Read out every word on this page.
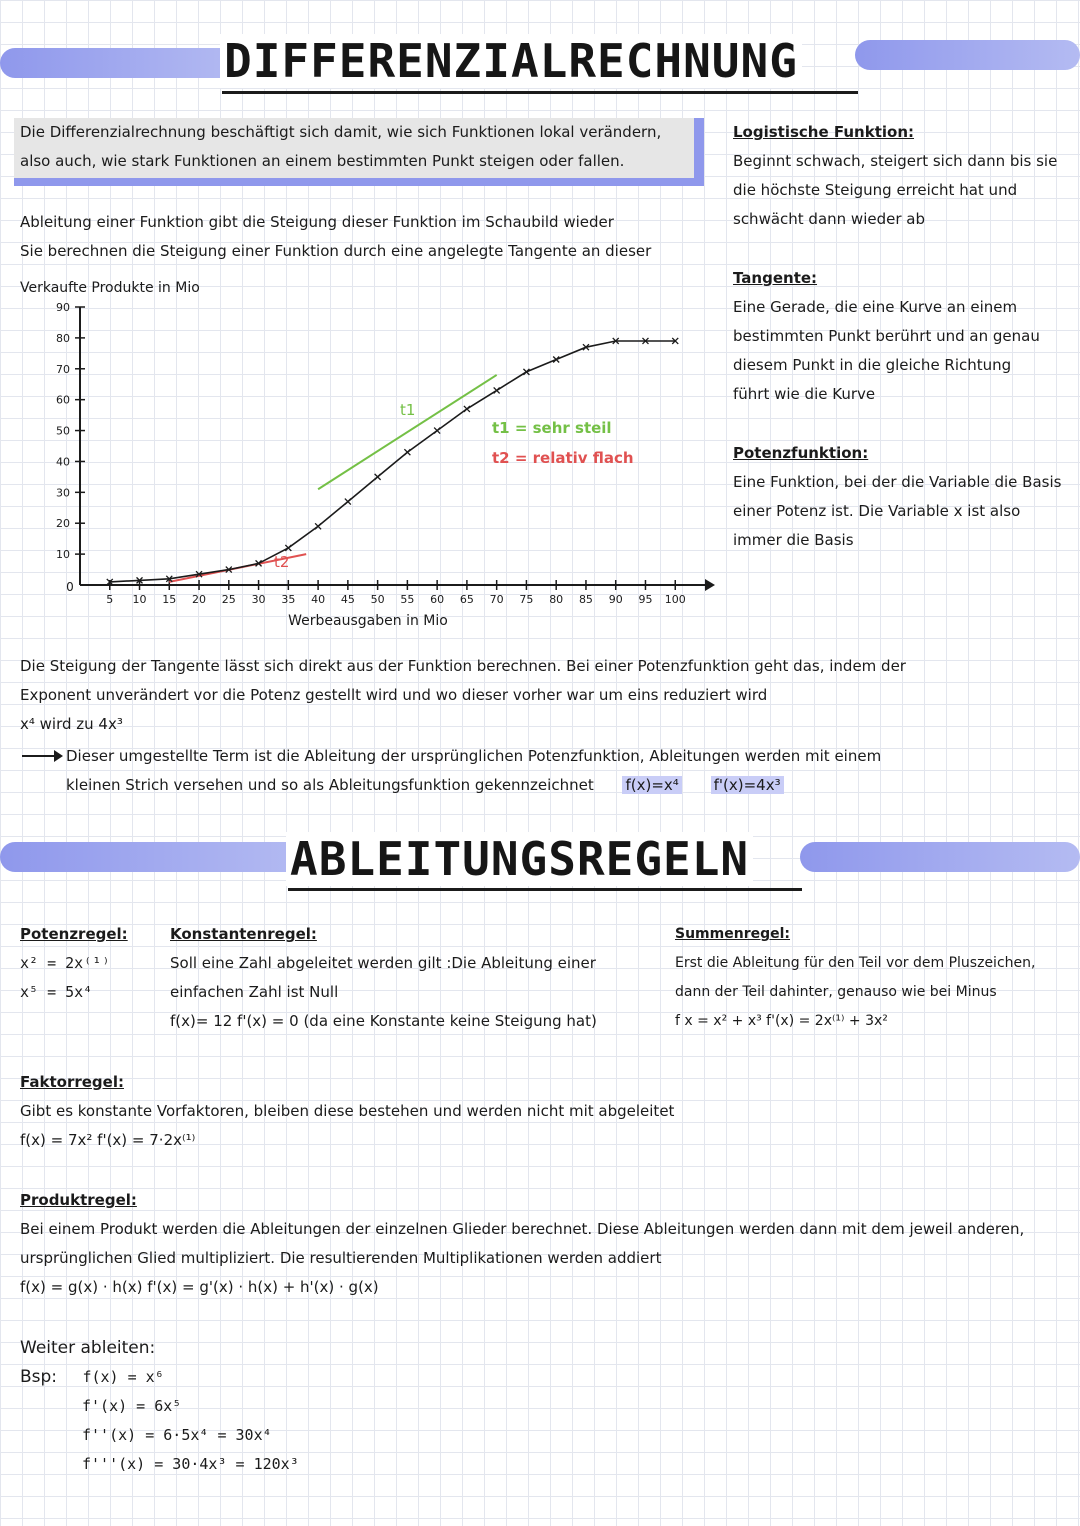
DIFFERENZIALRECHNUNG
Die Differenzialrechnung beschäftigt sich damit, wie sich Funktionen lokal verändern,
also auch, wie stark Funktionen an einem bestimmten Punkt steigen oder fallen.
Logistische Funktion:
Beginnt schwach, steigert sich dann bis sie
die höchste Steigung erreicht hat und
schwächt dann wieder ab
Tangente:
Eine Gerade, die eine Kurve an einem
bestimmten Punkt berührt und an genau
diesem Punkt in die gleiche Richtung
führt wie die Kurve
Potenzfunktion:
Eine Funktion, bei der die Variable die Basis
einer Potenz ist. Die Variable x ist also
immer die Basis
Ableitung einer Funktion gibt die Steigung dieser Funktion im Schaubild wieder
Sie berechnen die Steigung einer Funktion durch eine angelegte Tangente an dieser
Verkaufte Produkte in Mio
90
80
70
60
50
40
30
20
10
0
5 10 15 20 25 30 35 40 45 50 55 60 65 70 75 80 85 90 95 100
Werbeausgaben in Mio
t1
t2
t1 = sehr steil
t2 = relativ flach
Die Steigung der Tangente lässt sich direkt aus der Funktion berechnen. Bei einer Potenzfunktion geht das, indem der
Exponent unverändert vor die Potenz gestellt wird und wo dieser vorher war um eins reduziert wird
x⁴ wird zu 4x³
Dieser umgestellte Term ist die Ableitung der ursprünglichen Potenzfunktion, Ableitungen werden mit einem
kleinen Strich versehen und so als Ableitungsfunktion gekennzeichnet f(x)=x⁴ f'(x)=4x³
ABLEITUNGSREGELN
Potenzregel:
x² = 2x⁽¹⁾
x⁵ = 5x⁴
Konstantenregel:
Soll eine Zahl abgeleitet werden gilt :Die Ableitung einer
einfachen Zahl ist Null
f(x)= 12 f'(x) = 0 (da eine Konstante keine Steigung hat)
Summenregel:
Erst die Ableitung für den Teil vor dem Pluszeichen,
dann der Teil dahinter, genauso wie bei Minus
f x = x² + x³ f'(x) = 2x⁽¹⁾ + 3x²
Faktorregel:
Gibt es konstante Vorfaktoren, bleiben diese bestehen und werden nicht mit abgeleitet
f(x) = 7x² f'(x) = 7·2x⁽¹⁾
Produktregel:
Bei einem Produkt werden die Ableitungen der einzelnen Glieder berechnet. Diese Ableitungen werden dann mit dem jeweil anderen,
ursprünglichen Glied multipliziert. Die resultierenden Multiplikationen werden addiert
f(x) = g(x) · h(x) f'(x) = g'(x) · h(x) + h'(x) · g(x)
Weiter ableiten:
Bsp: f(x) = x⁶
f'(x) = 6x⁵
f''(x) = 6·5x⁴ = 30x⁴
f'''(x) = 30·4x³ = 120x³
